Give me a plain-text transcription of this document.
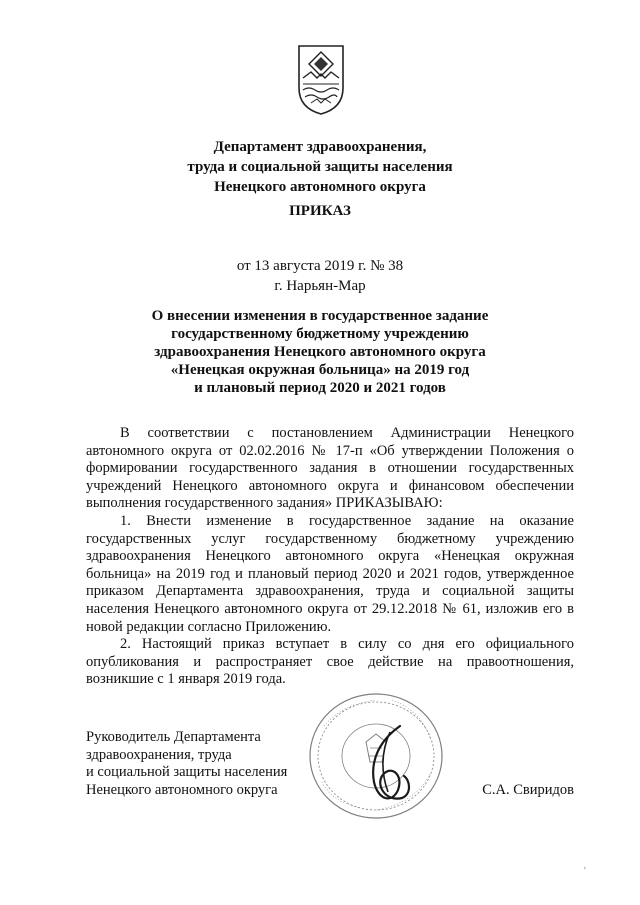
Департамент здравоохранения,
труда и социальной защиты населения
Ненецкого автономного округа
ПРИКАЗ
от 13 августа 2019 г. № 38
г. Нарьян-Мар
О внесении изменения в государственное задание
государственному бюджетному учреждению
здравоохранения Ненецкого автономного округа
«Ненецкая окружная больница» на 2019 год
и плановый период 2020 и 2021 годов

В соответствии с постановлением Администрации Ненецкого автономного округа от 02.02.2016 № 17-п «Об утверждении Положения о формировании государственного задания в отношении государственных учреждений Ненецкого автономного округа и финансовом обеспечении выполнения государственного задания» ПРИКАЗЫВАЮ:

1. Внести изменение в государственное задание на оказание государственных услуг государственному бюджетному учреждению здравоохранения Ненецкого автономного округа «Ненецкая окружная больница» на 2019 год и плановый период 2020 и 2021 годов, утвержденное приказом Департамента здравоохранения, труда и социальной защиты населения Ненецкого автономного округа от 29.12.2018 № 61, изложив его в новой редакции согласно Приложению.

2. Настоящий приказ вступает в силу со дня его официального опубликования и распространяет свое действие на правоотношения, возникшие с 1 января 2019 года.

Руководитель Департамента
здравоохранения, труда
и социальной защиты населения
Ненецкого автономного округа	С.А. Свиридов
'
